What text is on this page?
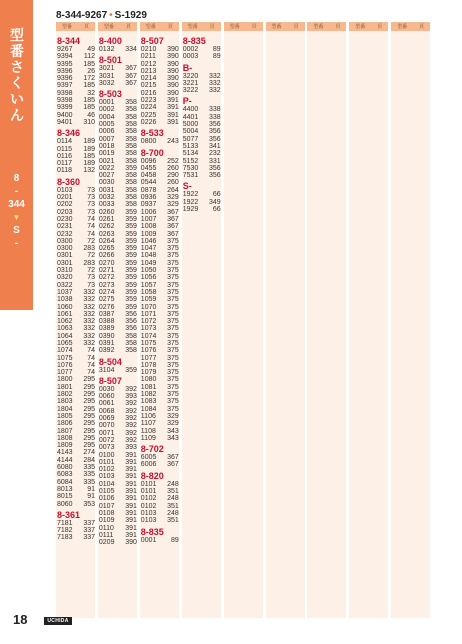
型番さくいん
8
-
344
▼
S
-
8-344-9267 • S-1929
型番 頁
8-344
9267 49
9394 112
9395 185
9396 26
9396 172
9397 185
9398 32
9398 185
9399 185
9400 46
9401 310
8-346
0114 189
0115 189
0116 185
0117 189
0118 132
8-360
0103 73
0201 73
0202 73
0203 73
0230 74
0231 74
0232 74
0300 72
0300 283
0301 72
0301 283
0310 72
0320 73
0322 73
1037 332
1038 332
1060 332
1061 332
1062 332
1063 332
1064 332
1065 332
1074 74
1075 74
1076 74
1077 74
1800 295
1801 295
1802 295
1803 295
1804 295
1805 295
1806 295
1807 295
1808 295
1809 295
4143 274
4144 284
6080 335
6083 335
6084 335
8013 91
8015 91
8060 353
8-361
7181 337
7182 337
7183 337
型番 頁
8-400
0132 334
8-501
3021 367
3031 367
3032 367
8-503
0001 358
0002 358
0004 358
0005 358
0006 358
0007 358
0018 358
0019 358
0021 358
0022 359
0027 358
0030 358
0031 358
0032 358
0033 358
0260 359
0261 359
0262 359
0263 359
0264 359
0265 359
0266 359
0270 359
0271 359
0272 359
0273 359
0274 359
0275 359
0276 359
0387 356
0388 356
0389 356
0390 358
0391 358
0392 358
8-504
3104 359
8-507
0030 392
0060 393
0061 392
0068 392
0069 392
0070 392
0071 392
0072 392
0073 393
0100 391
0101 391
0102 391
0103 391
0104 391
0105 391
0106 391
0107 391
0108 391
0109 391
0110 391
0111 391
0209 390
型番 頁
8-507
0210 390
0211 390
0212 390
0213 390
0214 390
0215 390
0216 390
0223 391
0224 391
0225 391
0226 391
8-533
0800 243
8-700
0096 252
0455 260
0458 290
0544 260
0878 264
0936 329
0937 329
1006 367
1007 367
1008 367
1009 367
1046 375
1047 375
1048 375
1049 375
1050 375
1056 375
1057 375
1058 375
1059 375
1070 375
1071 375
1072 375
1073 375
1074 375
1075 375
1076 375
1077 375
1078 375
1079 375
1080 375
1081 375
1082 375
1083 375
1084 375
1106 329
1107 329
1108 343
1109 343
8-702
6005 367
6006 367
8-820
0101 248
0101 351
0102 248
0102 351
0103 248
0103 351
8-835
0001 89
型番 頁
8-835
0002 89
0003 89
B-
3220 332
3221 332
3222 332
P-
4400 338
4401 338
5000 356
5004 356
5077 356
5133 341
5134 232
5152 331
7530 356
7531 356
S-
1922 66
1922 349
1929 66
型番 頁	型番 頁	型番 頁	型番 頁	型番 頁
18	UCHIDA
